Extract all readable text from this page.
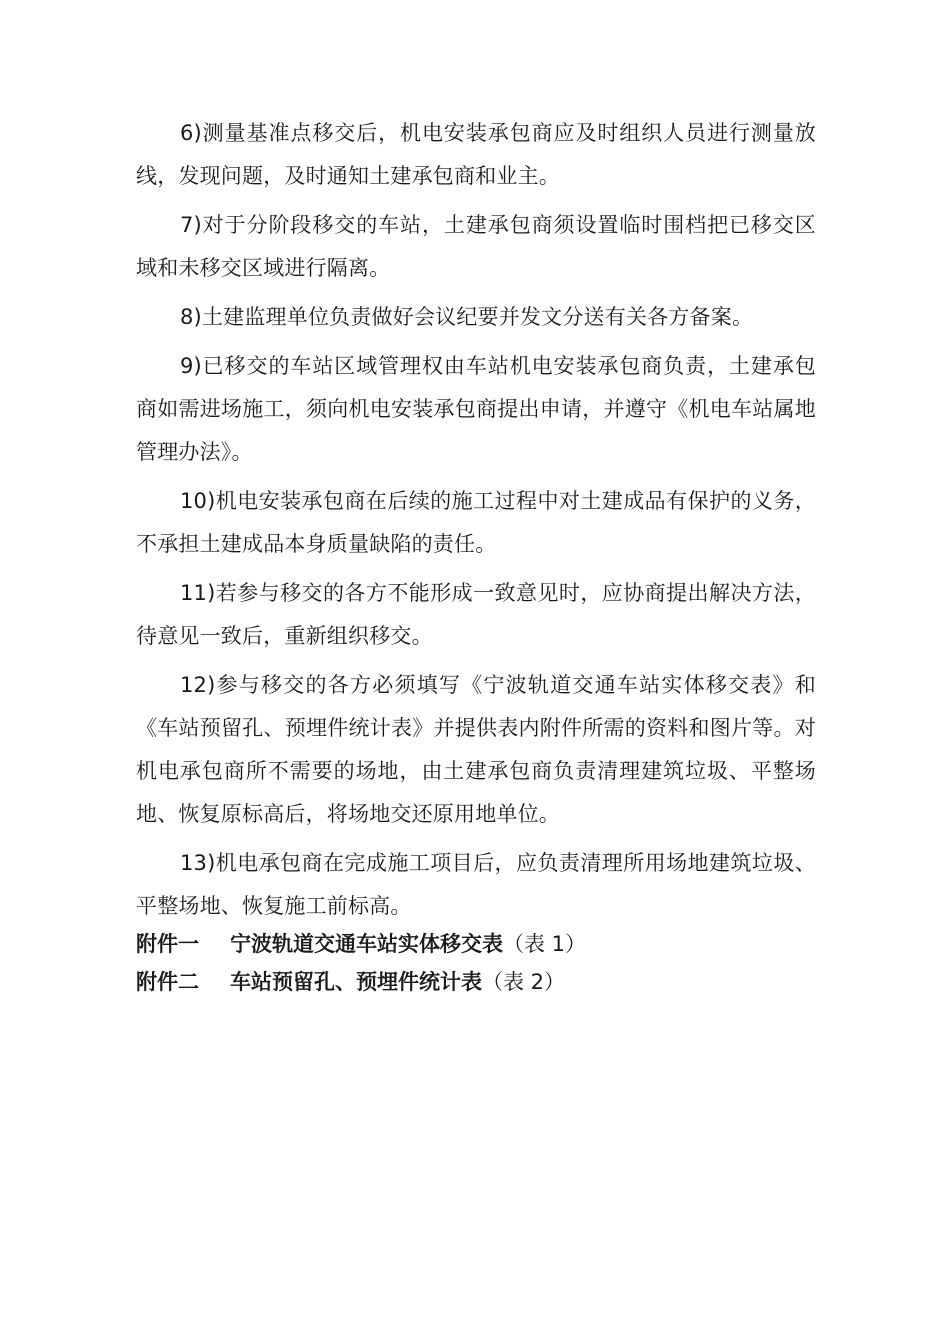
6)测量基准点移交后，机电安装承包商应及时组织人员进行测量放线，发现问题，及时通知土建承包商和业主。

7)对于分阶段移交的车站，土建承包商须设置临时围档把已移交区域和未移交区域进行隔离。

8)土建监理单位负责做好会议纪要并发文分送有关各方备案。

9)已移交的车站区域管理权由车站机电安装承包商负责，土建承包商如需进场施工，须向机电安装承包商提出申请，并遵守《机电车站属地管理办法》。

10)机电安装承包商在后续的施工过程中对土建成品有保护的义务，不承担土建成品本身质量缺陷的责任。

11)若参与移交的各方不能形成一致意见时，应协商提出解决方法，待意见一致后，重新组织移交。

12)参与移交的各方必须填写《宁波轨道交通车站实体移交表》和《车站预留孔、预埋件统计表》并提供表内附件所需的资料和图片等。对机电承包商所不需要的场地，由土建承包商负责清理建筑垃圾、平整场地、恢复原标高后，将场地交还原用地单位。

13)机电承包商在完成施工项目后，应负责清理所用场地建筑垃圾、平整场地、恢复施工前标高。

附件一	宁波轨道交通车站实体移交表 （表 1）
附件二	车站预留孔、预埋件统计表 （表 2）
